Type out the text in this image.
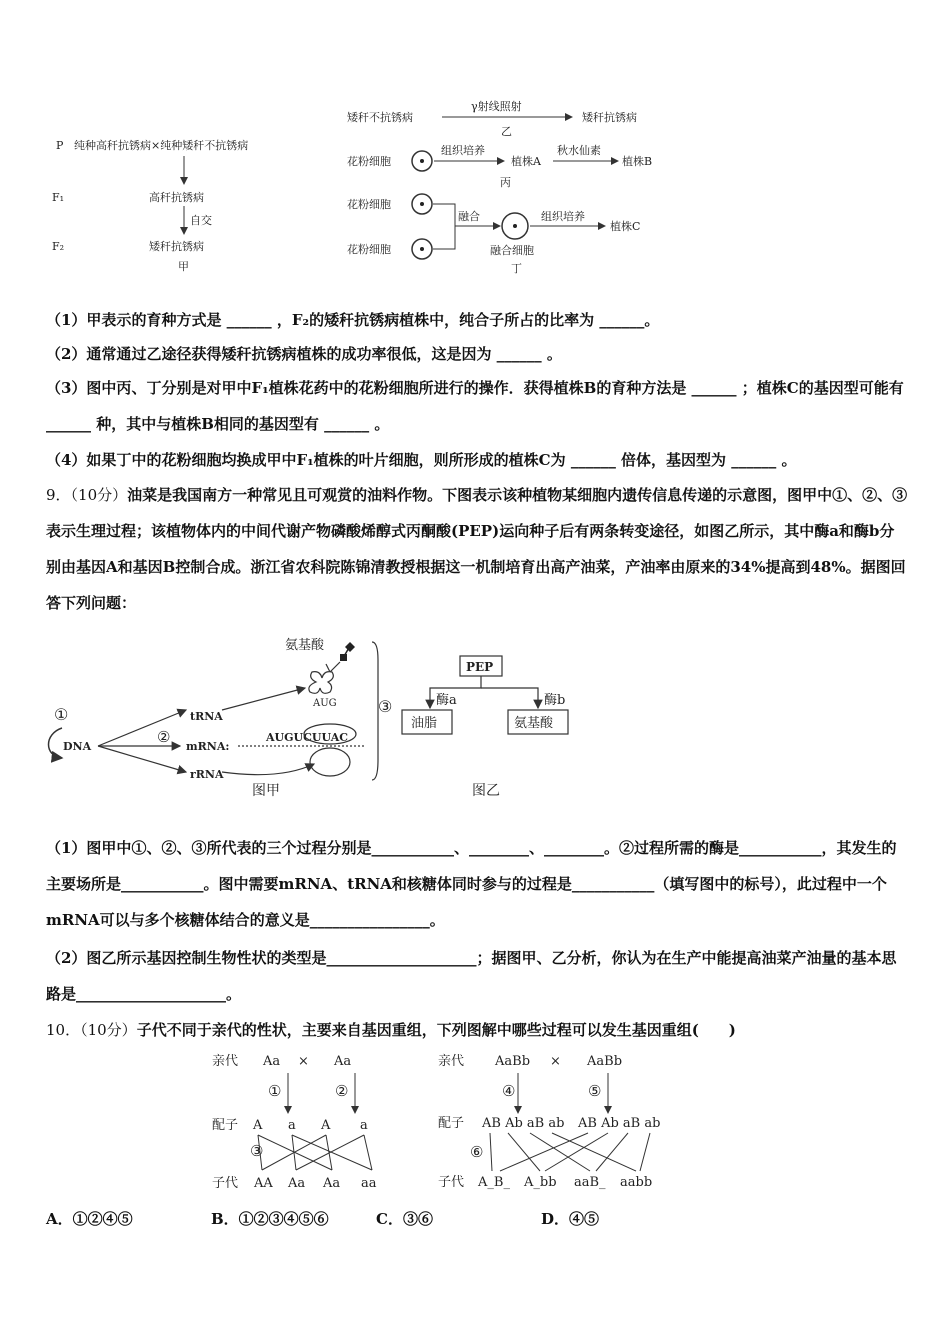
P 纯种高秆抗锈病×纯种矮秆不抗锈病
F₁	高秆抗锈病
自交
F₂	矮秆抗锈病
甲
矮秆不抗锈病
γ射线照射
乙
矮秆抗锈病
花粉细胞
组织培养
植株A
秋水仙素
植株B
丙
花粉细胞
花粉细胞
融合	组织培养
植株C
融合细胞
丁

（1）甲表示的育种方式是 ______ ，F₂的矮秆抗锈病植株中，纯合子所占的比率为 ______。

（2）通常通过乙途径获得矮秆抗锈病植株的成功率很低，这是因为 ______ 。

（3）图中丙、丁分别是对甲中F₁植株花药中的花粉细胞所进行的操作．获得植株B的育种方法是 ______ ；植株C的基因型可能有 ______ 种，其中与植株B相同的基因型有 ______ 。

（4）如果丁中的花粉细胞均换成甲中F₁植株的叶片细胞，则所形成的植株C为 ______ 倍体，基因型为 ______ 。

9．（10分）油菜是我国南方一种常见且可观赏的油料作物。下图表示该种植物某细胞内遗传信息传递的示意图，图甲中①、②、③表示生理过程；该植物体内的中间代谢产物磷酸烯醇式丙酮酸(PEP)运向种子后有两条转变途径，如图乙所示，其中酶a和酶b分别由基因A和基因B控制合成。浙江省农科院陈锦清教授根据这一机制培育出高产油菜，产油率由原来的34%提高到48%。据图回答下列问题：

氨基酸
AUG	③
①
DNA
②
tRNA
mRNA:
rRNA
AUGUCUUAC
图甲
PEP
酶a	酶b
油脂	氨基酸
图乙

（1）图甲中①、②、③所代表的三个过程分别是___________、________、________。②过程所需的酶是___________，其发生的主要场所是___________。图中需要mRNA、tRNA和核糖体同时参与的过程是___________（填写图中的标号），此过程中一个mRNA可以与多个核糖体结合的意义是________________。

（2）图乙所示基因控制生物性状的类型是____________________；据图甲、乙分析，你认为在生产中能提高油菜产油量的基本思路是____________________。

10．（10分）子代不同于亲代的性状，主要来自基因重组，下列图解中哪些过程可以发生基因重组(　　)

亲代 Aa × Aa
①	②
配子 A a A a
③
子代 AA Aa Aa aa
亲代 AaBb × AaBb
④	⑤
配子 AB Ab aB ab AB Ab aB ab
⑥
子代 A_B_ A_bb aaB_ aabb
A．①②④⑤	B．①②③④⑤⑥	C．③⑥	D．④⑤
